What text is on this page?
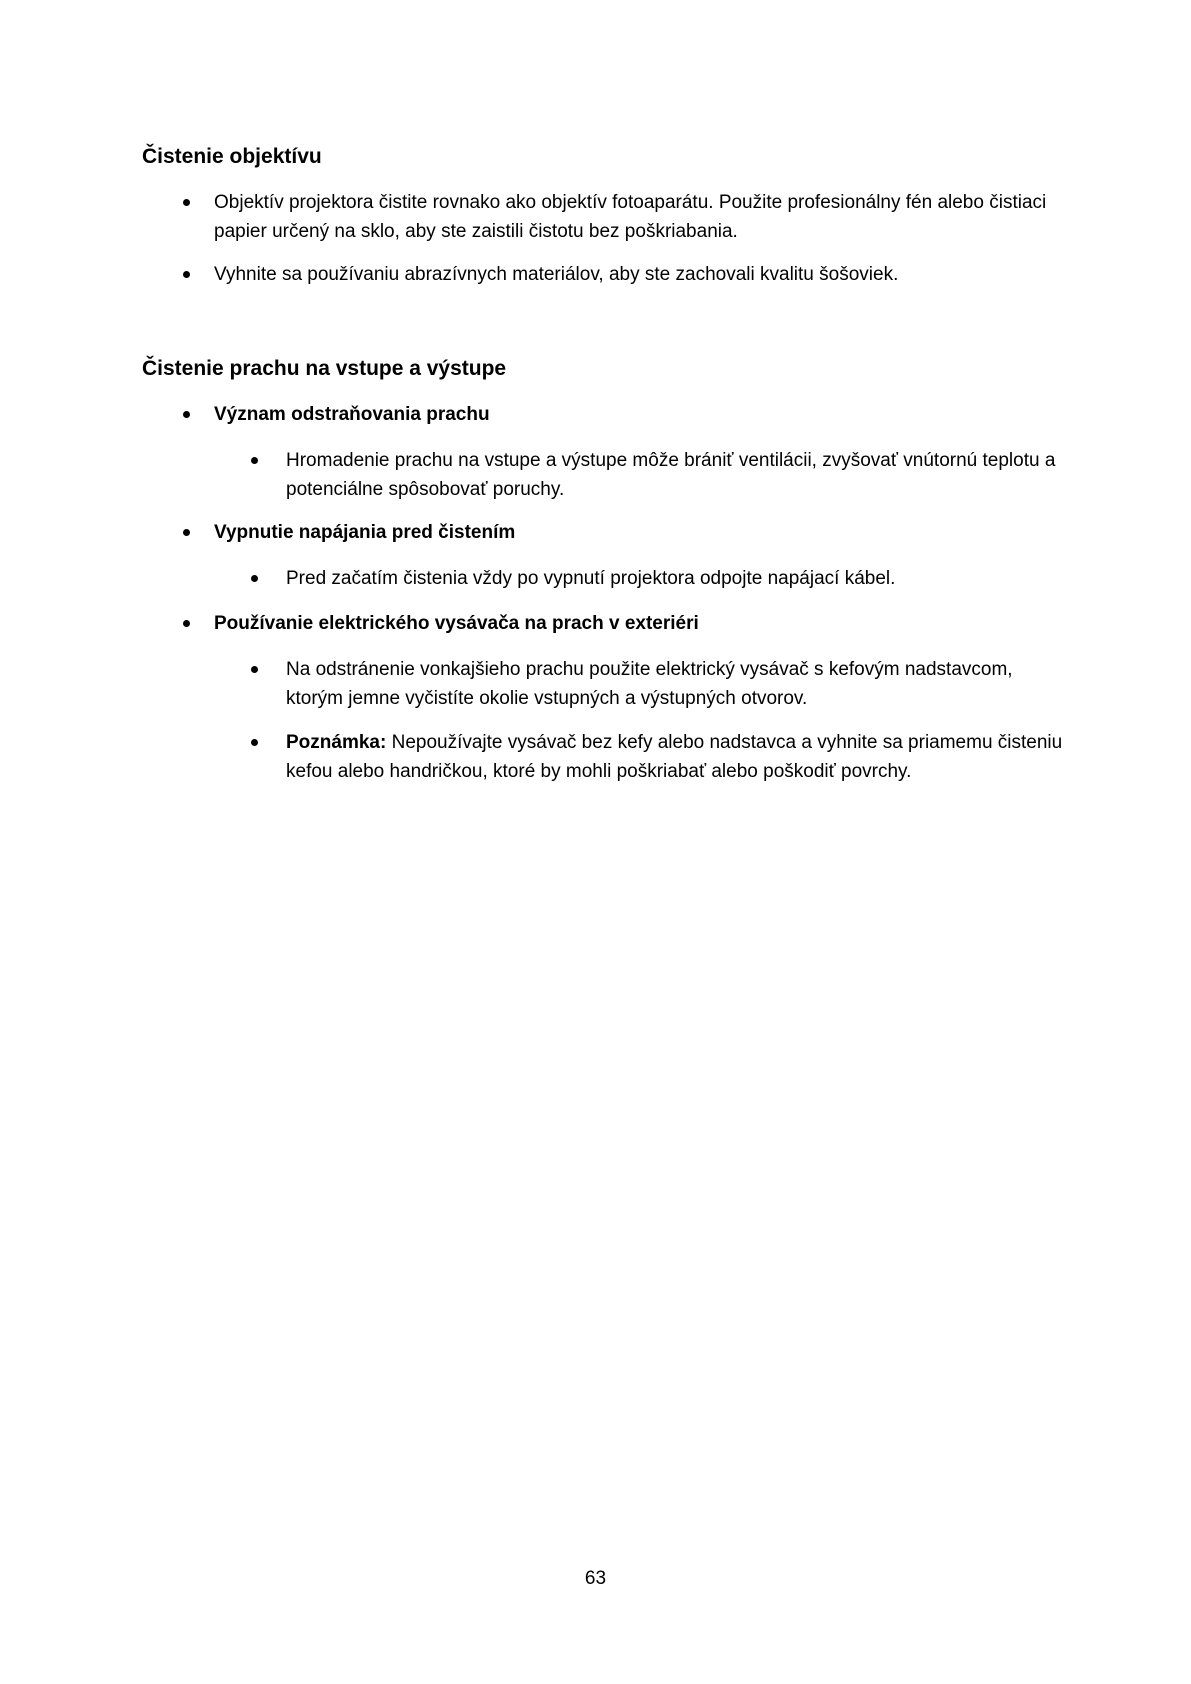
Čistenie objektívu
Objektív projektora čistite rovnako ako objektív fotoaparátu. Použite profesionálny fén alebo čistiaci papier určený na sklo, aby ste zaistili čistotu bez poškriabania.
Vyhnite sa používaniu abrazívnych materiálov, aby ste zachovali kvalitu šošoviek.
Čistenie prachu na vstupe a výstupe
Význam odstraňovania prachu
Hromadenie prachu na vstupe a výstupe môže brániť ventilácii, zvyšovať vnútornú teplotu a potenciálne spôsobovať poruchy.
Vypnutie napájania pred čistením
Pred začatím čistenia vždy po vypnutí projektora odpojte napájací kábel.
Používanie elektrického vysávača na prach v exteriéri
Na odstránenie vonkajšieho prachu použite elektrický vysávač s kefovým nadstavcom, ktorým jemne vyčistíte okolie vstupných a výstupných otvorov.
Poznámka: Nepoužívajte vysávač bez kefy alebo nadstavca a vyhnite sa priamemu čisteniu kefou alebo handričkou, ktoré by mohli poškriabať alebo poškodiť povrchy.
63
